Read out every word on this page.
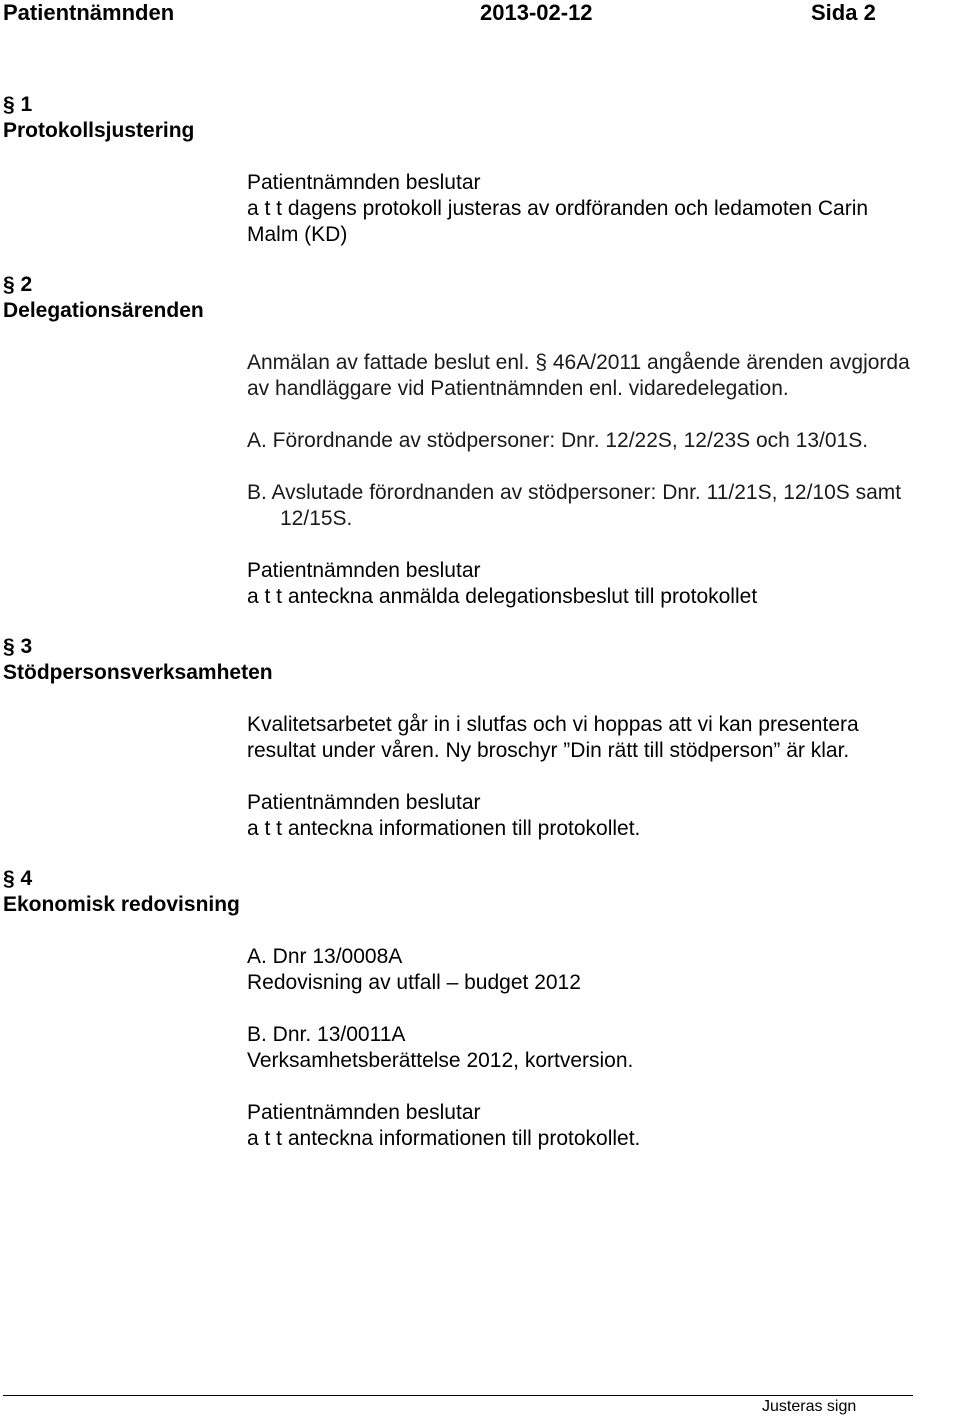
Patientnämnden	2013-02-12	Sida 2
§ 1
Protokollsjustering
Patientnämnden beslutar
a t t dagens protokoll justeras av ordföranden och ledamoten Carin
Malm (KD)
§ 2
Delegationsärenden
Anmälan av fattade beslut enl. § 46A/2011 angående ärenden avgjorda
av handläggare vid Patientnämnden enl. vidaredelegation.
A. Förordnande av stödpersoner: Dnr. 12/22S, 12/23S och 13/01S.
B. Avslutade förordnanden av stödpersoner: Dnr. 11/21S, 12/10S samt
12/15S.
Patientnämnden beslutar
a t t anteckna anmälda delegationsbeslut till protokollet
§ 3
Stödpersonsverksamheten
Kvalitetsarbetet går in i slutfas och vi hoppas att vi kan presentera
resultat under våren. Ny broschyr ”Din rätt till stödperson” är klar.
Patientnämnden beslutar
a t t anteckna informationen till protokollet.
§ 4
Ekonomisk redovisning
A. Dnr 13/0008A
Redovisning av utfall – budget 2012
B. Dnr. 13/0011A
Verksamhetsberättelse 2012, kortversion.
Patientnämnden beslutar
a t t anteckna informationen till protokollet.
Justeras sign
